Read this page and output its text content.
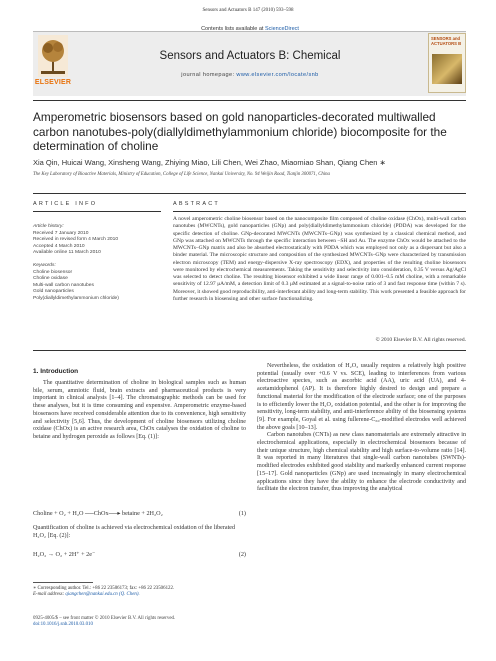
Sensors and Actuators B 147 (2010) 593–598
Contents lists available at ScienceDirect
ELSEVIER
Sensors and Actuators B: Chemical
journal homepage: www.elsevier.com/locate/snb
SENSORS and ACTUATORS B
Amperometric biosensors based on gold nanoparticles-decorated multiwalled carbon nanotubes-poly(diallyldimethylammonium chloride) biocomposite for the determination of choline
Xia Qin, Huicai Wang, Xinsheng Wang, Zhiying Miao, Lili Chen, Wei Zhao, Miaomiao Shan, Qiang Chen ∗
The Key Laboratory of Bioactive Materials, Ministry of Education, College of Life Science, Nankai University, No. 94 Weijin Road, Tianjin 300071, China
ARTICLE INFO
Article history:
Received 7 January 2010
Received in revised form 4 March 2010
Accepted 4 March 2010
Available online 11 March 2010
Keywords:
Choline biosensor
Choline oxidase
Multi-wall carbon nanotubes
Gold nanoparticles
Poly(diallyldimethylammonium chloride)
ABSTRACT
A novel amperometric choline biosensor based on the nanocomposite film composed of choline oxidase (ChOx), multi-wall carbon nanotubes (MWCNTs), gold nanoparticles (GNp) and poly(diallyldimethylammonium chloride) (PDDA) was developed for the specific detection of choline. GNp-decorated MWCNTs (MWCNTs–GNp) was synthesized by a classical chemical method, and GNp was attached on MWCNTs through the specific interaction between –SH and Au. The enzyme ChOx would be attached to the MWCNTs–GNp matrix and also be absorbed electrostatically with PDDA which was employed not only as a dispersant but also a binder material. The microscopic structure and composition of the synthesized MWCNTs–GNp were characterized by transmission electron microscopy (TEM) and energy-dispersive X-ray spectroscopy (EDX), and properties of the resulting choline biosensors were monitored by electrochemical measurements. Taking the sensitivity and selectivity into consideration, 0.35 V versus Ag/AgCl was selected to detect choline. The resulting biosensor exhibited a wide linear range of 0.001–0.5 mM choline, with a remarkable sensitivity of 12.97 μA/mM, a detection limit of 0.3 μM estimated at a signal-to-noise ratio of 3 and fast response time (within 7 s). Moreover, it showed good reproducibility, anti-interferant ability and long-term stability. This work presented a feasible approach for further research in biosensing and other surface functionalizing.
© 2010 Elsevier B.V. All rights reserved.
1. Introduction

The quantitative determination of choline in biological samples such as human bile, serum, amniotic fluid, brain extracts and pharmaceutical products is very important in clinical analysis [1–4]. The chromatographic methods can be used for these analyses, but it is time consuming and expensive. Amperometric enzyme-based biosensors have received considerable attention due to its convenience, high sensitivity and selectivity [5,6]. Thus, the development of choline biosensors utilizing choline oxidase (ChOx) is an active research area, ChOx catalyses the oxidation of choline to betaine and hydrogen peroxide as follows [Eq. (1)]:

Choline + O₂ + H₂O ──ChOx──▸ betaine + 2H₂O₂	(1)
Quantification of choline is achieved via electrochemical oxidation of the liberated H₂O₂ [Eq. (2)]:
H₂O₂ → O₂ + 2H⁺ + 2e⁻	(2)

Nevertheless, the oxidation of H₂O₂ usually requires a relatively high positive potential (usually over +0.6 V vs. SCE), leading to interferences from various electroactive species, such as ascorbic acid (AA), uric acid (UA), and 4-acetamidophenol (AP). It is therefore highly desired to design and prepare a functional material for the modification of the electrode surface; one of the purposes is to efficiently lower the H₂O₂ oxidation potential, and the other is for improving the sensitivity, long-term stability, and anti-interference ability of the biosensing systems [9]. For example, Goyal et al. using fullerene-C₆₀-modified electrodes well achieved the above goals [10–13].

Carbon nanotubes (CNTs) as new class nanomaterials are extremely attractive in electrochemical applications, especially in electrochemical biosensors because of their unique structure, high chemical stability and high surface-to-volume ratio [14]. It was reported in many literatures that single-wall carbon nanotubes (SWNTs)-modified electrodes exhibited good stability and markedly enhanced current response [15–17]. Gold nanoparticles (GNp) are used increasingly in many electrochemical applications since they have the ability to enhance the electrode conductivity and facilitate the electron transfer, thus improving the analytical

∗ Corresponding author. Tel.: +86 22 23506173; fax: +86 22 23506122.
E-mail address: qiangchen@nankai.edu.cn (Q. Chen).
0925-4005/$ – see front matter © 2010 Elsevier B.V. All rights reserved.
doi:10.1016/j.snb.2010.03.010
